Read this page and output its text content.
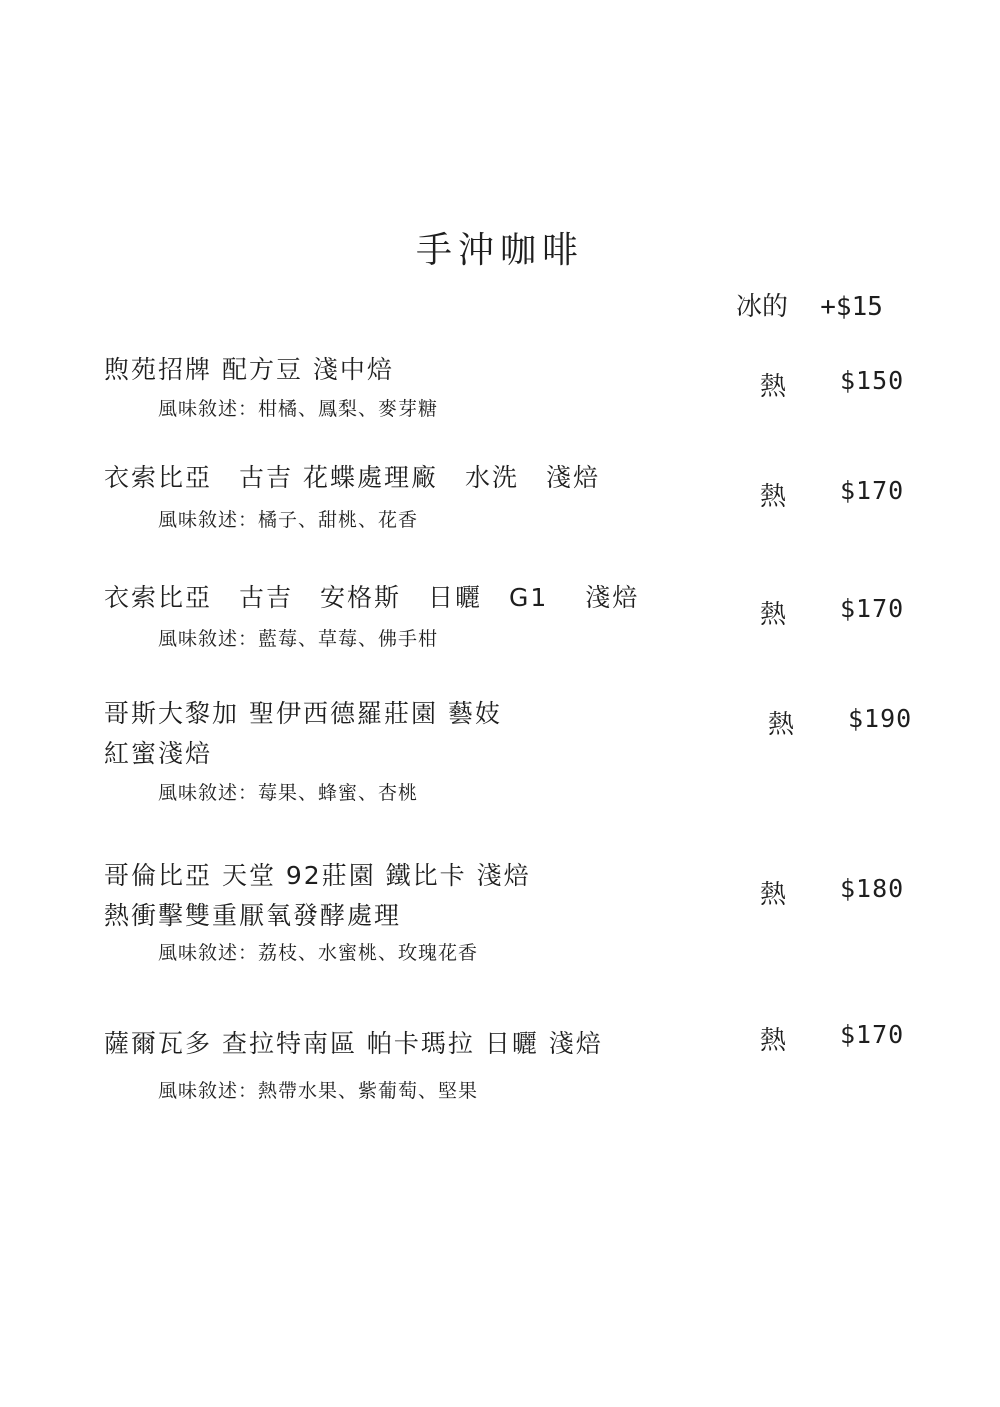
手沖咖啡
冰的 +$15
煦苑招牌 配方豆 淺中焙
風味敘述：柑橘、鳳梨、麥芽糖
熱 $150
衣索比亞　古吉 花蝶處理廠　水洗　淺焙
風味敘述：橘子、甜桃、花香
熱 $170
衣索比亞　古吉　安格斯　日曬　G1　 淺焙
風味敘述：藍莓、草莓、佛手柑
熱 $170
哥斯大黎加 聖伊西德羅莊園 藝妓
紅蜜淺焙
風味敘述：莓果、蜂蜜、杏桃
熱 $190
哥倫比亞 天堂 92莊園 鐵比卡 淺焙
熱衝擊雙重厭氧發酵處理
風味敘述：荔枝、水蜜桃、玫瑰花香
熱 $180
薩爾瓦多 查拉特南區 帕卡瑪拉 日曬 淺焙
風味敘述：熱帶水果、紫葡萄、堅果
熱 $170
